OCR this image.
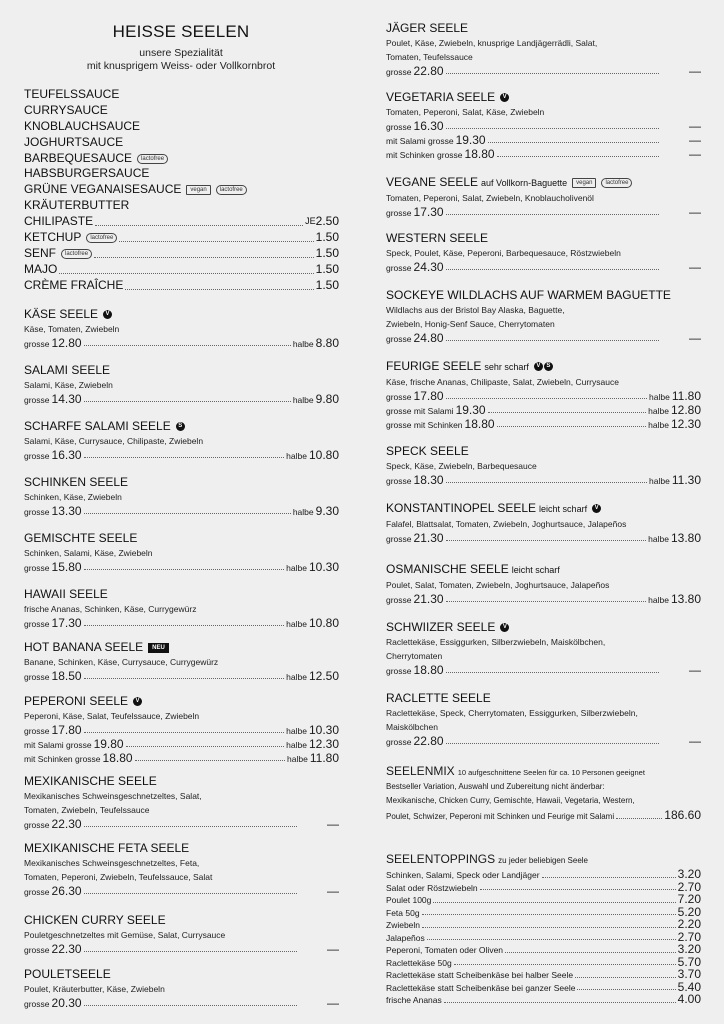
HEISSE SEELEN
unsere Spezialität
mit knusprigem Weiss- oder Vollkornbrot
TEUFELSSAUCE
CURRYSAUCE
KNOBLAUCHSAUCE
JOGHURTSAUCE
BARBEQUESAUCE	lactofree
HABSBURGERSAUCE
GRÜNE VEGANAISESAUCE	vegan	lactofree
KRÄUTERBUTTER
CHILIPASTE	JE 2.50
KETCHUP	lactofree	1.50
SENF	lactofree	1.50
MAJO	1.50
CRÈME FRAÎCHE	1.50
KÄSE SEELE V
Käse, Tomaten, Zwiebeln
grosse 12.80	halbe 8.80
SALAMI SEELE
Salami, Käse, Zwiebeln
grosse 14.30	halbe 9.80
SCHARFE SALAMI SEELE S
Salami, Käse, Currysauce, Chilipaste, Zwiebeln
grosse 16.30	halbe 10.80
SCHINKEN SEELE
Schinken, Käse, Zwiebeln
grosse 13.30	halbe 9.30
GEMISCHTE SEELE
Schinken, Salami, Käse, Zwiebeln
grosse 15.80	halbe 10.30
HAWAII SEELE
frische Ananas, Schinken, Käse, Currygewürz
grosse 17.30	halbe 10.80
HOT BANANA SEELE NEU
Banane, Schinken, Käse, Currysauce, Currygewürz
grosse 18.50	halbe 12.50
PEPERONI SEELE V
Peperoni, Käse, Salat, Teufelssauce, Zwiebeln
grosse 17.80	halbe 10.30
mit Salami grosse 19.80	halbe 12.30
mit Schinken grosse 18.80	halbe 11.80
MEXIKANISCHE SEELE
Mexikanisches Schweinsgeschnetzeltes, Salat,
Tomaten, Zwiebeln, Teufelssauce
grosse 22.30	—
MEXIKANISCHE FETA SEELE
Mexikanisches Schweinsgeschnetzeltes, Feta,
Tomaten, Peperoni, Zwiebeln, Teufelssauce, Salat
grosse 26.30	—
CHICKEN CURRY SEELE
Pouletgeschnetzeltes mit Gemüse, Salat, Currysauce
grosse 22.30	—
POULETSEELE
Poulet, Kräuterbutter, Käse, Zwiebeln
grosse 20.30	—
JÄGER SEELE
Poulet, Käse, Zwiebeln, knusprige Landjägerrädli, Salat,
Tomaten, Teufelssauce
grosse 22.80	—
VEGETARIA SEELE V
Tomaten, Peperoni, Salat, Käse, Zwiebeln
grosse 16.30	—
mit Salami grosse 19.30	—
mit Schinken grosse 18.80	—
VEGANE SEELE auf Vollkorn-Baguette vegan lactofree
Tomaten, Peperoni, Salat, Zwiebeln, Knoblaucholivenöl
grosse 17.30	—
WESTERN SEELE
Speck, Poulet, Käse, Peperoni, Barbequesauce, Röstzwiebeln
grosse 24.30	—
SOCKEYE WILDLACHS AUF WARMEM BAGUETTE
Wildlachs aus der Bristol Bay Alaska, Baguette,
Zwiebeln, Honig-Senf Sauce, Cherrytomaten
grosse 24.80	—
FEURIGE SEELE sehr scharf V S
Käse, frische Ananas, Chilipaste, Salat, Zwiebeln, Currysauce
grosse 17.80	halbe 11.80
grosse mit Salami 19.30	halbe 12.80
grosse mit Schinken 18.80	halbe 12.30
SPECK SEELE
Speck, Käse, Zwiebeln, Barbequesauce
grosse 18.30	halbe 11.30
KONSTANTINOPEL SEELE leicht scharf V
Falafel, Blattsalat, Tomaten, Zwiebeln, Joghurtsauce, Jalapeños
grosse 21.30	halbe 13.80
OSMANISCHE SEELE leicht scharf
Poulet, Salat, Tomaten, Zwiebeln, Joghurtsauce, Jalapeños
grosse 21.30	halbe 13.80
SCHWIIZER SEELE V
Raclettekäse, Essiggurken, Silberzwiebeln, Maiskölbchen,
Cherrytomaten
grosse 18.80	—
RACLETTE SEELE
Raclettekäse, Speck, Cherrytomaten, Essiggurken, Silberzwiebeln,
Maiskölbchen
grosse 22.80	—
SEELENMIX 10 aufgeschnittene Seelen für ca. 10 Personen geeignet
Bestseller Variation, Auswahl und Zubereitung nicht änderbar:
Mexikanische, Chicken Curry, Gemischte, Hawaii, Vegetaria, Western,
Poulet, Schwizer, Peperoni mit Schinken und Feurige mit Salami	186.60
SEELENTOPPINGS zu jeder beliebigen Seele
Schinken, Salami, Speck oder Landjäger	3.20
Salat oder Röstzwiebeln	2.70
Poulet 100g	7.20
Feta 50g	5.20
Zwiebeln	2.20
Jalapeños	2.70
Peperoni, Tomaten oder Oliven	3.20
Raclettekäse 50g	5.70
Raclettekäse statt Scheibenkäse bei halber Seele	3.70
Raclettekäse statt Scheibenkäse bei ganzer Seele	5.40
frische Ananas	4.00
